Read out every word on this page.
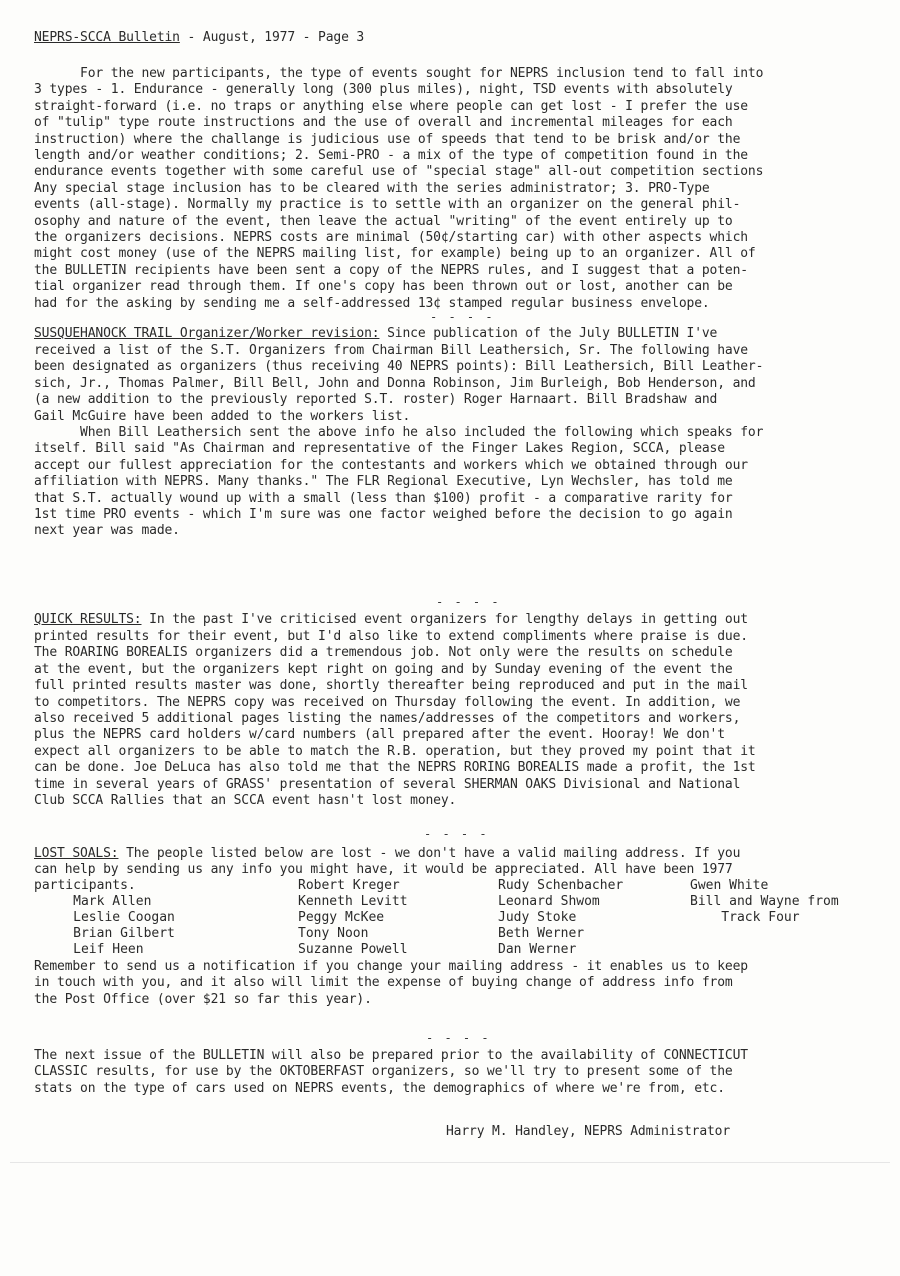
NEPRS-SCCA Bulletin - August, 1977 - Page 3
For the new participants, the type of events sought for NEPRS inclusion tend to fall into
3 types - 1. Endurance - generally long (300 plus miles), night, TSD events with absolutely
straight-forward (i.e. no traps or anything else where people can get lost - I prefer the use
of "tulip" type route instructions and the use of overall and incremental mileages for each
instruction) where the challange is judicious use of speeds that tend to be brisk and/or the
length and/or weather conditions; 2. Semi-PRO - a mix of the type of competition found in the
endurance events together with some careful use of "special stage" all-out competition sections
Any special stage inclusion has to be cleared with the series administrator; 3. PRO-Type
events (all-stage). Normally my practice is to settle with an organizer on the general phil-
osophy and nature of the event, then leave the actual "writing" of the event entirely up to
the organizers decisions. NEPRS costs are minimal (50¢/starting car) with other aspects which
might cost money (use of the NEPRS mailing list, for example) being up to an organizer. All of
the BULLETIN recipients have been sent a copy of the NEPRS rules, and I suggest that a poten-
tial organizer read through them. If one's copy has been thrown out or lost, another can be
had for the asking by sending me a self-addressed 13¢ stamped regular business envelope.
- - - -
SUSQUEHANOCK TRAIL Organizer/Worker revision: Since publication of the July BULLETIN I've
received a list of the S.T. Organizers from Chairman Bill Leathersich, Sr. The following have
been designated as organizers (thus receiving 40 NEPRS points): Bill Leathersich, Bill Leather-
sich, Jr., Thomas Palmer, Bill Bell, John and Donna Robinson, Jim Burleigh, Bob Henderson, and
(a new addition to the previously reported S.T. roster) Roger Harnaart. Bill Bradshaw and
Gail McGuire have been added to the workers list.
When Bill Leathersich sent the above info he also included the following which speaks for
itself. Bill said "As Chairman and representative of the Finger Lakes Region, SCCA, please
accept our fullest appreciation for the contestants and workers which we obtained through our
affiliation with NEPRS. Many thanks." The FLR Regional Executive, Lyn Wechsler, has told me
that S.T. actually wound up with a small (less than $100) profit - a comparative rarity for
1st time PRO events - which I'm sure was one factor weighed before the decision to go again
next year was made.
- - - -
QUICK RESULTS: In the past I've criticised event organizers for lengthy delays in getting out
printed results for their event, but I'd also like to extend compliments where praise is due.
The ROARING BOREALIS organizers did a tremendous job. Not only were the results on schedule
at the event, but the organizers kept right on going and by Sunday evening of the event the
full printed results master was done, shortly thereafter being reproduced and put in the mail
to competitors. The NEPRS copy was received on Thursday following the event. In addition, we
also received 5 additional pages listing the names/addresses of the competitors and workers,
plus the NEPRS card holders w/card numbers (all prepared after the event. Hooray! We don't
expect all organizers to be able to match the R.B. operation, but they proved my point that it
can be done. Joe DeLuca has also told me that the NEPRS RORING BOREALIS made a profit, the 1st
time in several years of GRASS' presentation of several SHERMAN OAKS Divisional and National
Club SCCA Rallies that an SCCA event hasn't lost money.
- - - -
LOST SOALS: The people listed below are lost - we don't have a valid mailing address. If you
can help by sending us any info you might have, it would be appreciated. All have been 1977
participants.
Mark Allen
Leslie Coogan
Brian Gilbert
Leif Heen
Robert Kreger
Kenneth Levitt
Peggy McKee
Tony Noon
Suzanne Powell
Rudy Schenbacher
Leonard Shwom
Judy Stoke
Beth Werner
Dan Werner
Gwen White
Bill and Wayne from
Track Four
Remember to send us a notification if you change your mailing address - it enables us to keep
in touch with you, and it also will limit the expense of buying change of address info from
the Post Office (over $21 so far this year).
- - - -
The next issue of the BULLETIN will also be prepared prior to the availability of CONNECTICUT
CLASSIC results, for use by the OKTOBERFAST organizers, so we'll try to present some of the
stats on the type of cars used on NEPRS events, the demographics of where we're from, etc.
Harry M. Handley, NEPRS Administrator
